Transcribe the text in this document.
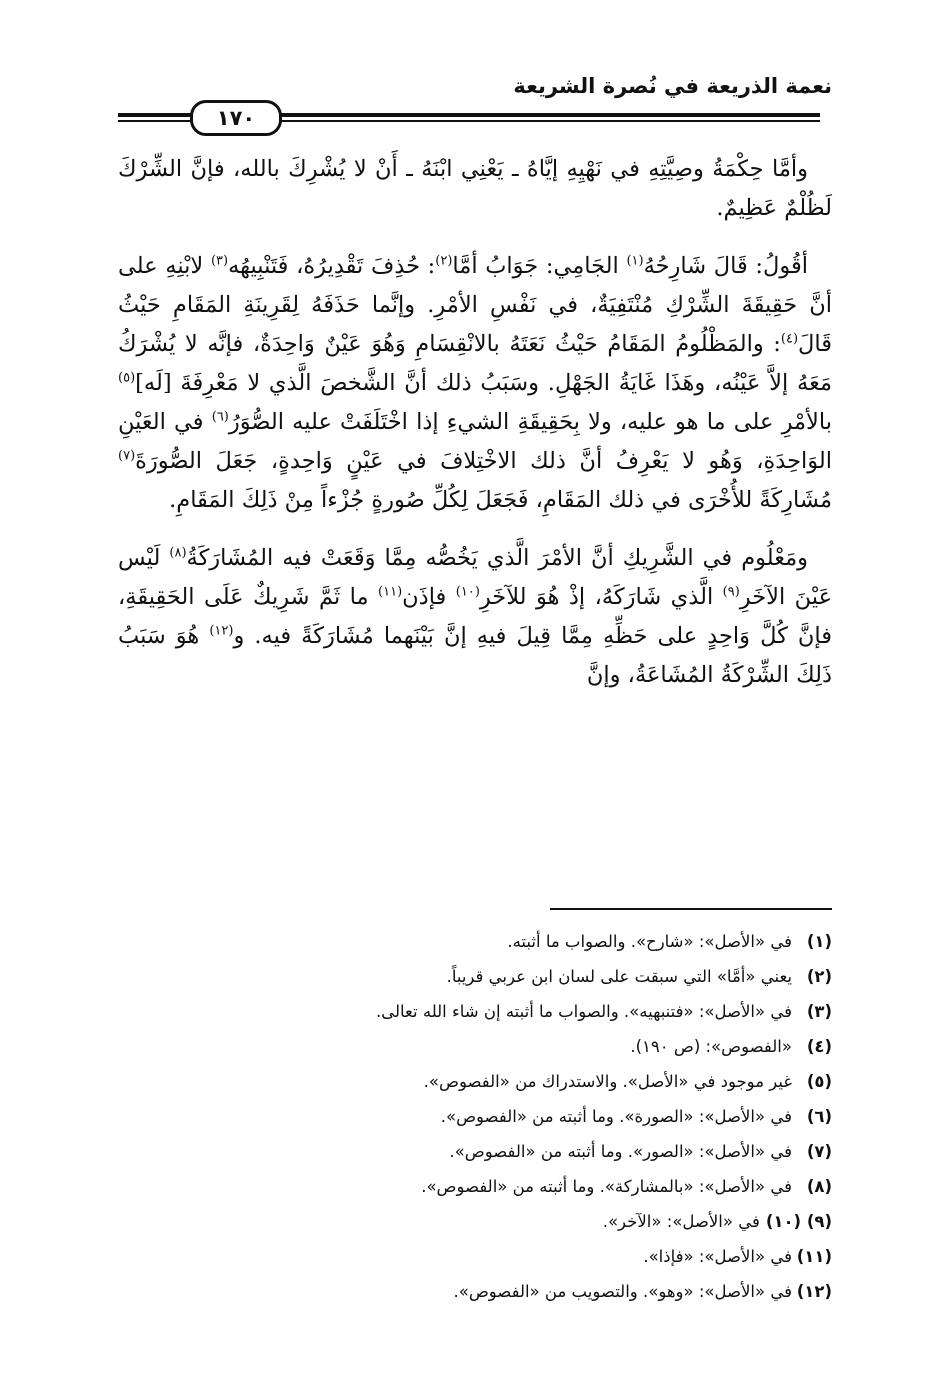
نعمة الذريعة في نُصرة الشريعة
١٧٠

وأمَّا حِكْمَةُ وصِيَّتِهِ في نَهْيِهِ إيَّاهُ ـ يَعْنِي ابْنَهُ ـ أَنْ لا يُشْرِكَ بالله، فإنَّ الشِّرْكَ لَظُلْمٌ عَظِيمٌ.

أقُولُ: قَالَ شَارِحُهُ$^{(١)}$ الجَامِي: جَوَابُ أمَّا$^{(٢)}$: حُذِفَ تَقْدِيرُهُ، فَتَنْبِيهُه$^{(٣)}$ لابْنِهِ على أنَّ حَقِيقَةَ الشِّرْكِ مُنْتَفِيَةٌ، في نَفْسِ الأمْرِ. وإنَّما حَذَفَهُ لِقَرِينَةِ المَقَامِ حَيْثُ قَالَ$^{(٤)}$: والمَظْلُومُ المَقَامُ حَيْثُ نَعَتَهُ بالانْقِسَامِ وَهُوَ عَيْنٌ وَاحِدَةٌ، فإنَّه لا يُشْرَكُ مَعَهُ إلاَّ عَيْنُه، وهَذَا غَايَةُ الجَهْلِ. وسَبَبُ ذلك أنَّ الشَّخصَ الَّذي لا مَعْرِفَةَ [لَه]$^{(٥)}$ بالأمْرِ على ما هو عليه، ولا بِحَقِيقَةِ الشيءِ إذا اخْتَلَفَتْ عليه الصُّوَرُ$^{(٦)}$ في العَيْنِ الوَاحِدَةِ، وَهُو لا يَعْرِفُ أنَّ ذلك الاخْتِلافَ في عَيْنٍ وَاحِدةٍ، جَعَلَ الصُّورَةَ$^{(٧)}$ مُشَارِكَةً للأُخْرَى في ذلك المَقَامِ، فَجَعَلَ لِكُلِّ صُورةٍ جُزْءاً مِنْ ذَلِكَ المَقَامِ.

ومَعْلُوم في الشَّرِيكِ أنَّ الأمْرَ الَّذي يَخُصُّه مِمَّا وَقَعَتْ فيه المُشَارَكَةُ$^{(٨)}$ لَيْس عَيْنَ الآخَرِ$^{(٩)}$ الَّذي شَارَكَهُ، إذْ هُوَ للآخَرِ$^{(١٠)}$ فإذَن$^{(١١)}$ ما ثَمَّ شَرِيكٌ عَلَى الحَقِيقَةِ، فإنَّ كُلَّ وَاحِدٍ على حَظِّهِ مِمَّا قِيلَ فيهِ إنَّ بَيْنَهما مُشَارَكَةً فيه. و$^{(١٢)}$ هُوَ سَبَبُ ذَلِكَ الشِّرْكَةُ المُشَاعَةُ، وإنَّ

(١)
في «الأصل»: «شارح». والصواب ما أثبته.
(٢)
يعني «أمَّا» التي سبقت على لسان ابن عربي قريباً.
(٣)
في «الأصل»: «فتنبهيه». والصواب ما أثبته إن شاء الله تعالى.
(٤)
«الفصوص»: (ص ١٩٠).
(٥)
غير موجود في «الأصل». والاستدراك من «الفصوص».
(٦)
في «الأصل»: «الصورة». وما أثبته من «الفصوص».
(٧)
في «الأصل»: «الصور». وما أثبته من «الفصوص».
(٨)
في «الأصل»: «بالمشاركة». وما أثبته من «الفصوص».
(٩) (١٠)
في «الأصل»: «الآخر».
(١١)
في «الأصل»: «فإذا».
(١٢)
في «الأصل»: «وهو». والتصويب من «الفصوص».
